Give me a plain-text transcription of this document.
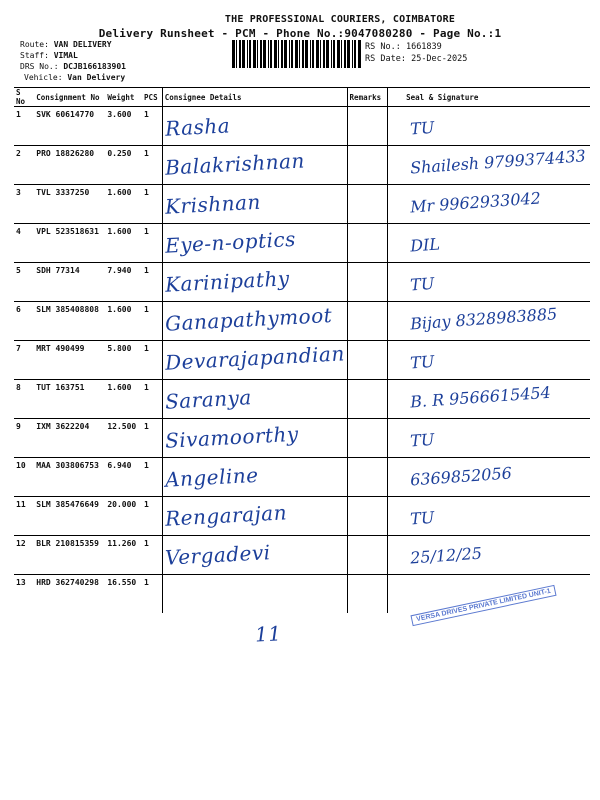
THE PROFESSIONAL COURIERS, COIMBATORE
Delivery Runsheet - PCM - Phone No.:9047080280 - Page No.:1
Route: VAN DELIVERY
Staff: VIMAL
DRS No.: DCJB166183901
Vehicle: Van Delivery
RS No.: 1661839
RS Date: 25-Dec-2025
S No	Consignment No	Weight	PCS	Consignee Details	Remarks	Seal & Signature
1	SVK 60614770	3.600	1	Rasha		TU

2	PRO 18826280	0.250	1	Balakrishnan		Shailesh 9799374433

3	TVL 3337250	1.600	1	Krishnan		Mr 9962933042

4	VPL 523518631	1.600	1	Eye-n-optics		DIL

5	SDH 77314	7.940	1	Karinipathy		TU

6	SLM 385408808	1.600	1	Ganapathymoot		Bijay 8328983885

7	MRT 490499	5.800	1	Devarajapandian		TU

8	TUT 163751	1.600	1	Saranya		B. R 9566615454

9	IXM 3622204	12.500	1	Sivamoorthy		TU

10	MAA 303806753	6.940	1	Angeline		6369852056

11	SLM 385476649	20.000	1	Rengarajan		TU

12	BLR 210815359	11.260	1	Vergadevi		25/12/25

13	HRD 362740298	16.550	1	

11
VERSA DRIVES PRIVATE LIMITED UNIT-1
